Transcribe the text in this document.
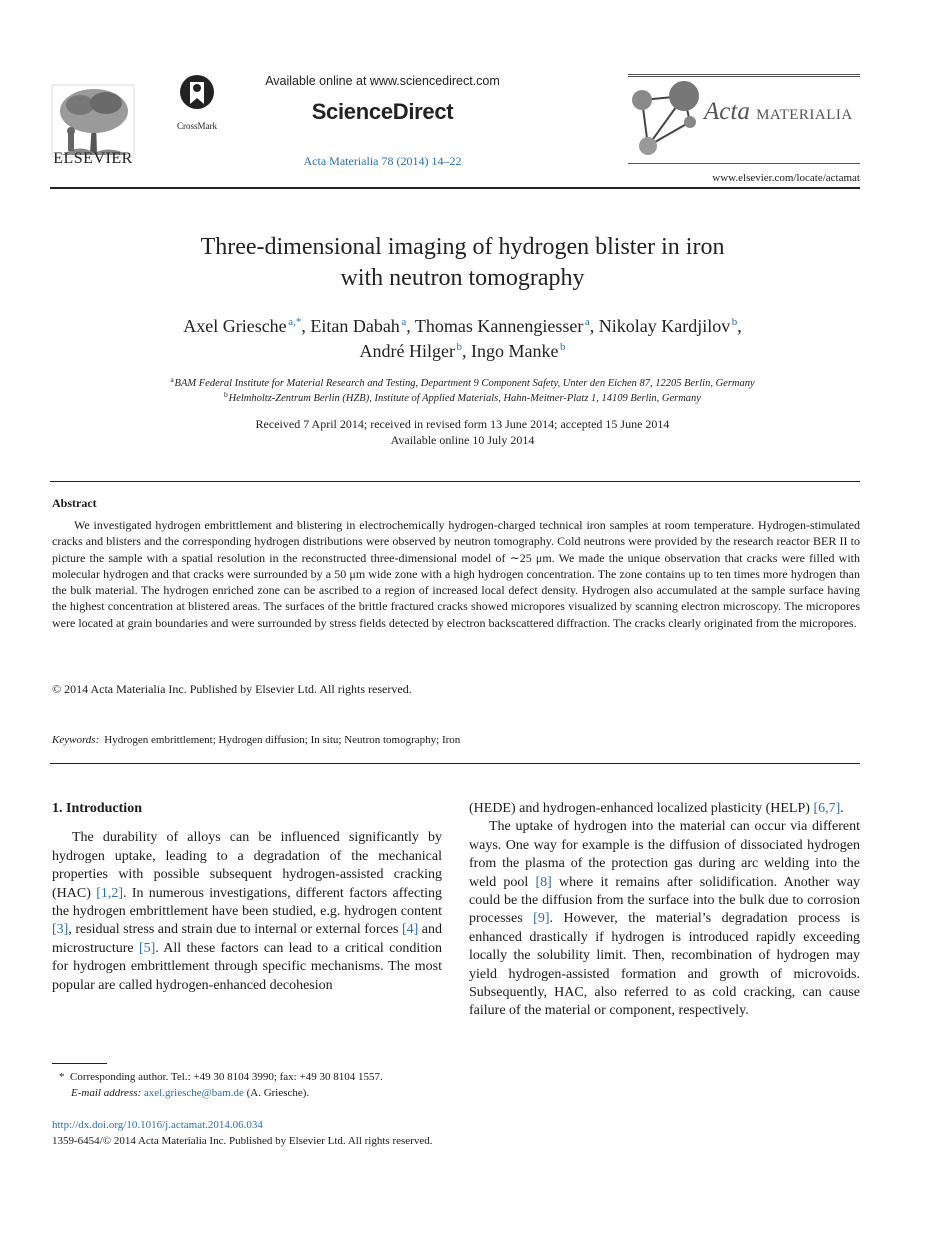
ELSEVIER
CrossMark
Available online at www.sciencedirect.com
ScienceDirect
Acta Materialia 78 (2014) 14–22
Acta MATERIALIA
www.elsevier.com/locate/actamat
Three-dimensional imaging of hydrogen blister in iron
with neutron tomography
Axel Griesche  $^{a,*}$, Eitan Dabah  $^a$, Thomas Kannengiesser  $^a$, Nikolay Kardjilov  $^b$,
André Hilger  $^b$, Ingo Manke  $^b$
$^a$ BAM Federal Institute for Material Research and Testing, Department 9 Component Safety, Unter den Eichen 87, 12205 Berlin, Germany
$^b$ Helmholtz-Zentrum Berlin (HZB), Institute of Applied Materials, Hahn-Meitner-Platz 1, 14109 Berlin, Germany
Received 7 April 2014; received in revised form 13 June 2014; accepted 15 June 2014
Available online 10 July 2014
Abstract
We investigated hydrogen embrittlement and blistering in electrochemically hydrogen-charged technical iron samples at room temperature. Hydrogen-stimulated cracks and blisters and the corresponding hydrogen distributions were observed by neutron tomography. Cold neutrons were provided by the research reactor BER II to picture the sample with a spatial resolution in the reconstructed three-dimensional model of ∼25 μm. We made the unique observation that cracks were filled with molecular hydrogen and that cracks were surrounded by a 50 μm wide zone with a high hydrogen concentration. The zone contains up to ten times more hydrogen than the bulk material. The hydrogen enriched zone can be ascribed to a region of increased local defect density. Hydrogen also accumulated at the sample surface having the highest concentration at blistered areas. The surfaces of the brittle fractured cracks showed micropores visualized by scanning electron microscopy. The micropores were located at grain boundaries and were surrounded by stress fields detected by electron backscattered diffraction. The cracks clearly originated from the micropores.
© 2014 Acta Materialia Inc. Published by Elsevier Ltd. All rights reserved.
Keywords: Hydrogen embrittlement; Hydrogen diffusion; In situ; Neutron tomography; Iron
1. Introduction

The durability of alloys can be influenced significantly by hydrogen uptake, leading to a degradation of the mechanical properties with possible subsequent hydrogen-assisted cracking (HAC) [1,2]. In numerous investigations, different factors affecting the hydrogen embrittlement have been studied, e.g. hydrogen content [3], residual stress and strain due to internal or external forces [4] and microstructure [5]. All these factors can lead to a critical condition for hydrogen embrittlement through specific mechanisms. The most popular are called hydrogen-enhanced decohesion

(HEDE) and hydrogen-enhanced localized plasticity (HELP) [6,7].

The uptake of hydrogen into the material can occur via different ways. One way for example is the diffusion of dissociated hydrogen from the plasma of the protection gas during arc welding into the weld pool [8] where it remains after solidification. Another way could be the diffusion from the surface into the bulk due to corrosion processes [9]. However, the material’s degradation process is enhanced drastically if hydrogen is introduced rapidly exceeding locally the solubility limit. Then, recombination of hydrogen may yield hydrogen-assisted formation and growth of microvoids. Subsequently, HAC, also referred to as cold cracking, can cause failure of the material or component, respectively.

* Corresponding author. Tel.: +49 30 8104 3990; fax: +49 30 8104 1557.
E-mail address: axel.griesche@bam.de (A. Griesche).
http://dx.doi.org/10.1016/j.actamat.2014.06.034
1359-6454/© 2014 Acta Materialia Inc. Published by Elsevier Ltd. All rights reserved.
